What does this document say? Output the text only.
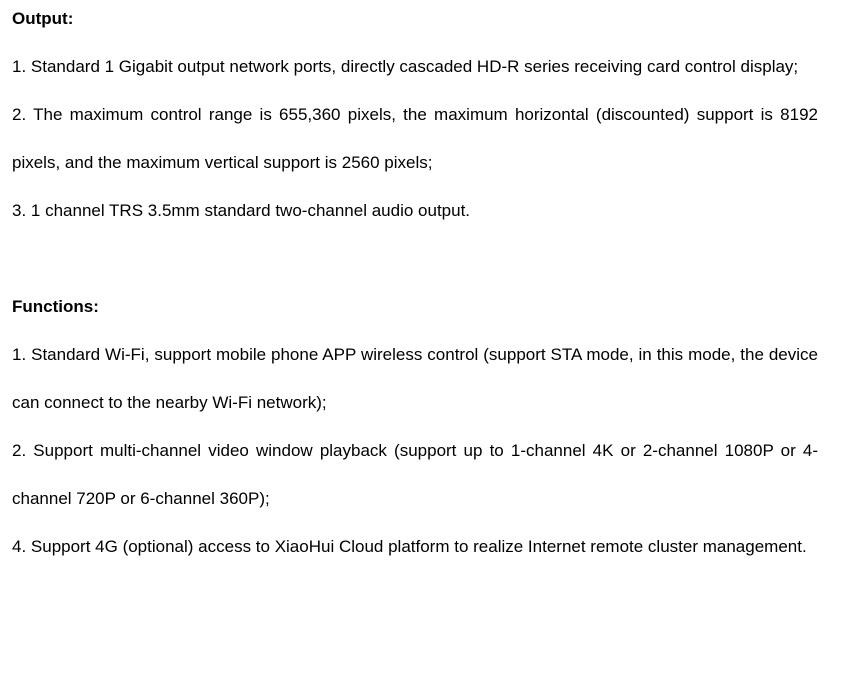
Output:

1. Standard 1 Gigabit output network ports, directly cascaded HD-R series receiving card control display;

2. The maximum control range is 655,360 pixels, the maximum horizontal (discounted) support is 8192 pixels, and the maximum vertical support is 2560 pixels;

3. 1 channel TRS 3.5mm standard two-channel audio output.

Functions:

1. Standard Wi-Fi, support mobile phone APP wireless control (support STA mode, in this mode, the device can connect to the nearby Wi-Fi network);

2. Support multi-channel video window playback (support up to 1-channel 4K or 2-channel 1080P or 4-channel 720P or 6-channel 360P);

4. Support 4G (optional) access to XiaoHui Cloud platform to realize Internet remote cluster management.
